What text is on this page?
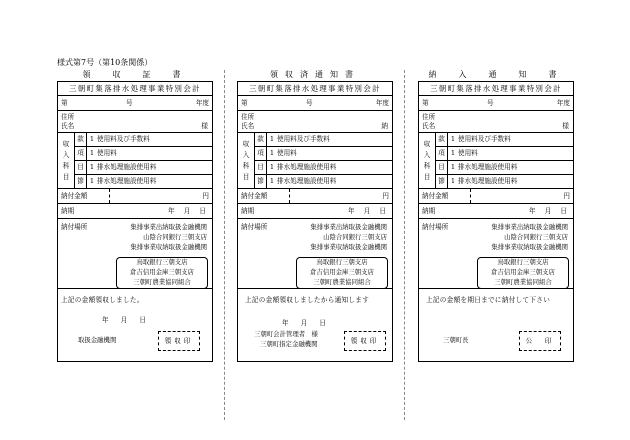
様式第7号（第10条関係）
領　収　証　書
三朝町集落排水処理事業特別会計
第	号	年度
住所
氏名	様
収
入
科
目
款 1 使用料及び手数料
項 1 使用料
目 1 排水処理施設使用料
節 1 排水処理施設使用料
納付金額	円
納期	年 月 日
納付場所	集排事業出納取扱金融機関
山陰合同銀行三朝支店
集排事業収納取扱金融機関
鳥取銀行三朝支店
倉吉信用金庫三朝支店
三朝町農業協同組合
上記の金額領収しました。
年 月 日
取扱金融機関	領収印
領収済通知書
三朝町集落排水処理事業特別会計
第	号	年度
住所
氏名	納
収
入
科
目
款 1 使用料及び手数料
項 1 使用料
目 1 排水処理施設使用料
節 1 排水処理施設使用料
納付金額	円
納期	年 月 日
納付場所	集排事業出納取扱金融機関
山陰合同銀行三朝支店
集排事業収納取扱金融機関
鳥取銀行三朝支店
倉吉信用金庫三朝支店
三朝町農業協同組合
上記の金額領収しましたから通知します
年 月 日
三朝町会計管理者　様
三朝町指定金融機関	領収印
納　入　通　知　書
三朝町集落排水処理事業特別会計
第	号	年度
住所
氏名	様
収
入
科
目
款 1 使用料及び手数料
項 1 使用料
目 1 排水処理施設使用料
節 1 排水処理施設使用料
納付金額	円
納期	年 月 日
納付場所	集排事業出納取扱金融機関
山陰合同銀行三朝支店
集排事業収納取扱金融機関
鳥取銀行三朝支店
倉吉信用金庫三朝支店
三朝町農業協同組合
上記の金額を期日までに納付して下さい
三朝町長	公　印
